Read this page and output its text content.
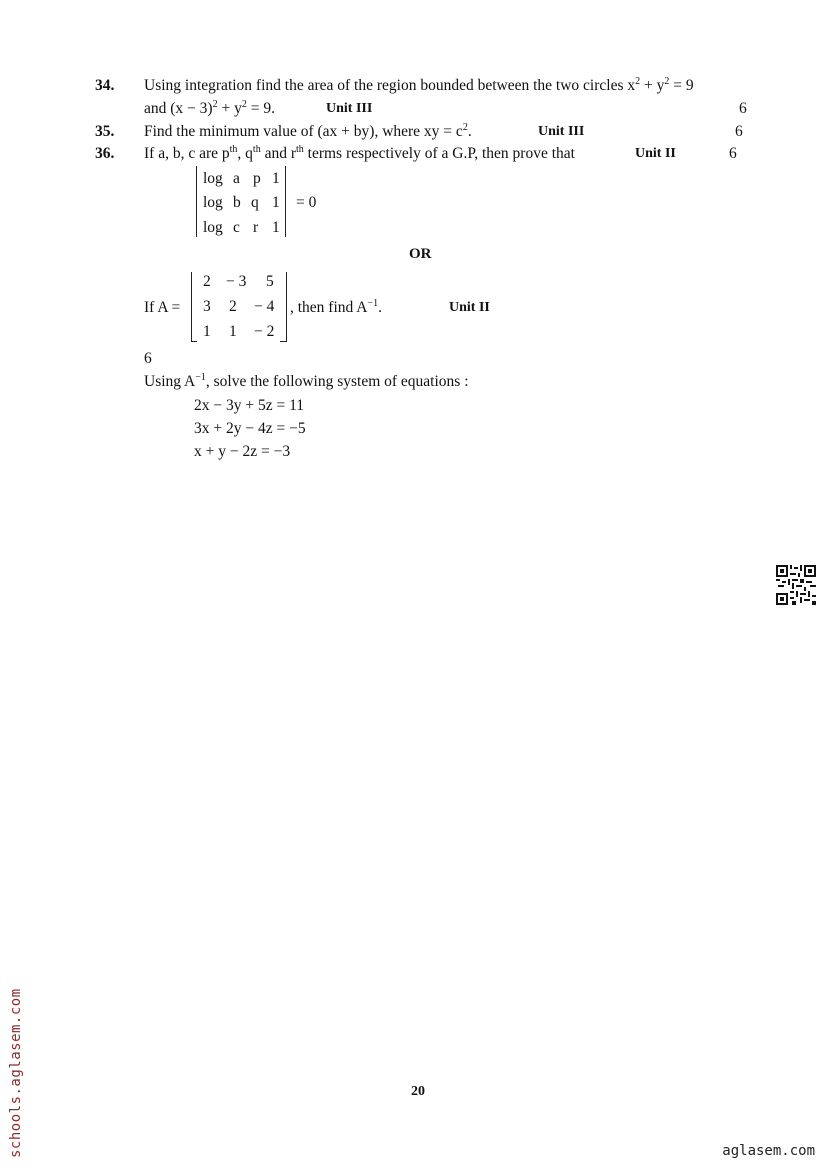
34. Using integration find the area of the region bounded between the two circles $x^2 + y^2 = 9$
and $(x - 3)^2 + y^2 = 9$.	Unit III	6
35. Find the minimum value of (ax + by), where xy = $c^2$.	Unit III	6
36. If a, b, c are $p^{th}$, $q^{th}$ and $r^{th}$ terms respectively of a G.P, then prove that	Unit II	6
log a p 1
log b q 1
log c r 1
= 0
OR
If A =
2 − 3 5
3 2 − 4
1 1 − 2
, then find $A^{-1}$.	Unit II
6
Using $A^{-1}$, solve the following system of equations :
2x − 3y + 5z = 11
3x + 2y − 4z = −5
x + y − 2z = −3
20
schools.aglasem.com	aglasem.com
